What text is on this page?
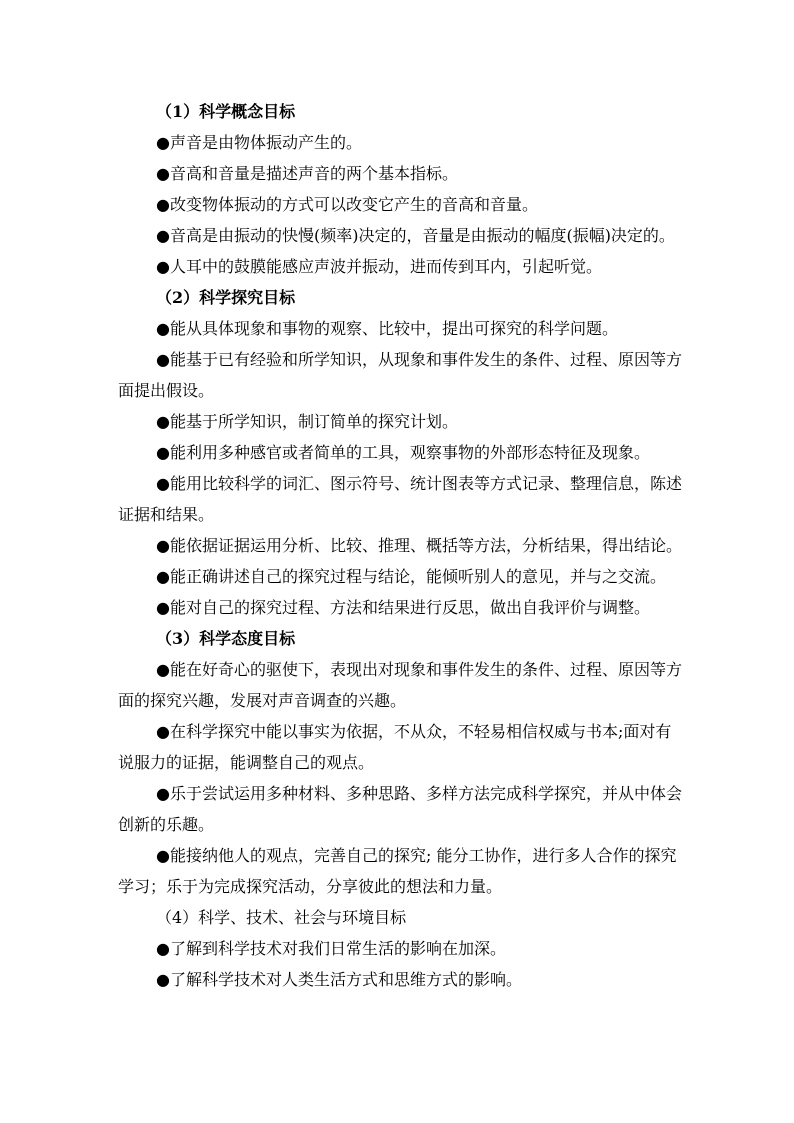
（1）科学概念目标

●声音是由物体振动产生的。

●音高和音量是描述声音的两个基本指标。

●改变物体振动的方式可以改变它产生的音高和音量。

●音高是由振动的快慢(频率)决定的，音量是由振动的幅度(振幅)决定的。

●人耳中的鼓膜能感应声波并振动，进而传到耳内，引起听觉。

（2）科学探究目标

●能从具体现象和事物的观察、比较中，提出可探究的科学问题。

●能基于已有经验和所学知识，从现象和事件发生的条件、过程、原因等方

面提出假设。

●能基于所学知识，制订简单的探究计划。

●能利用多种感官或者简单的工具，观察事物的外部形态特征及现象。

●能用比较科学的词汇、图示符号、统计图表等方式记录、整理信息，陈述

证据和结果。

●能依据证据运用分析、比较、推理、概括等方法，分析结果，得出结论。

●能正确讲述自己的探究过程与结论，能倾听别人的意见，并与之交流。

●能对自己的探究过程、方法和结果进行反思，做出自我评价与调整。

（3）科学态度目标

●能在好奇心的驱使下，表现出对现象和事件发生的条件、过程、原因等方

面的探究兴趣，发展对声音调查的兴趣。

●在科学探究中能以事实为依据，不从众，不轻易相信权威与书本;面对有

说服力的证据，能调整自己的观点。

●乐于尝试运用多种材料、多种思路、多样方法完成科学探究，并从中体会

创新的乐趣。

●能接纳他人的观点，完善自己的探究; 能分工协作，进行多人合作的探究

学习；乐于为完成探究活动，分享彼此的想法和力量。

（4）科学、技术、社会与环境目标

●了解到科学技术对我们日常生活的影响在加深。

●了解科学技术对人类生活方式和思维方式的影响。
